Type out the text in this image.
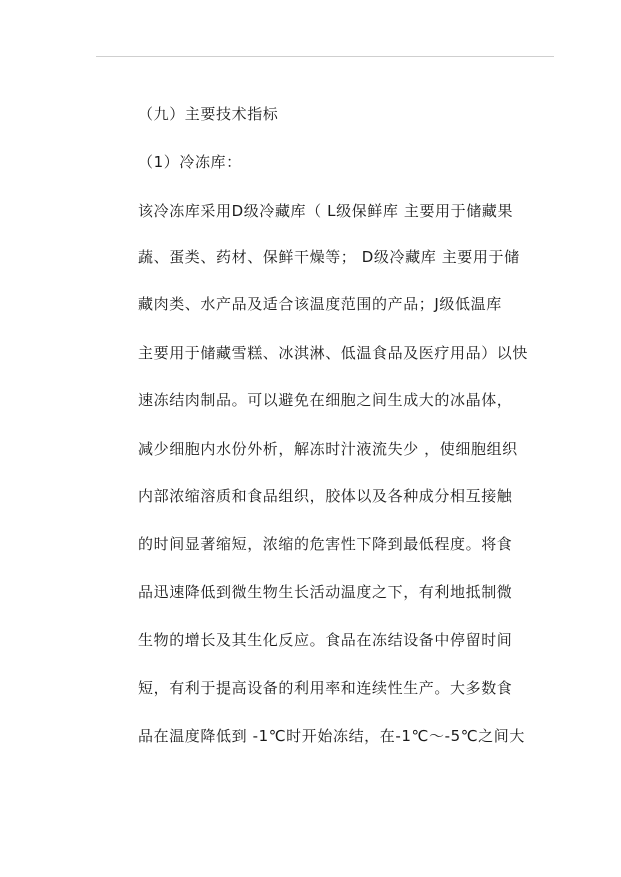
（九）主要技术指标
（1）冷冻库：
该冷冻库采用D级冷藏库（ L级保鲜库 主要用于储藏果
蔬、蛋类、药材、保鲜干燥等； D级冷藏库 主要用于储
藏肉类、水产品及适合该温度范围的产品；J级低温库
主要用于储藏雪糕、冰淇淋、低温食品及医疗用品）以快
速冻结肉制品。可以避免在细胞之间生成大的冰晶体，
减少细胞内水份外析，解冻时汁液流失少 ，使细胞组织
内部浓缩溶质和食品组织，胶体以及各种成分相互接触
的时间显著缩短，浓缩的危害性下降到最低程度。将食
品迅速降低到微生物生长活动温度之下，有利地抵制微
生物的增长及其生化反应。食品在冻结设备中停留时间
短，有利于提高设备的利用率和连续性生产。大多数食
品在温度降低到 -1℃时开始冻结，在-1℃～-5℃之间大
